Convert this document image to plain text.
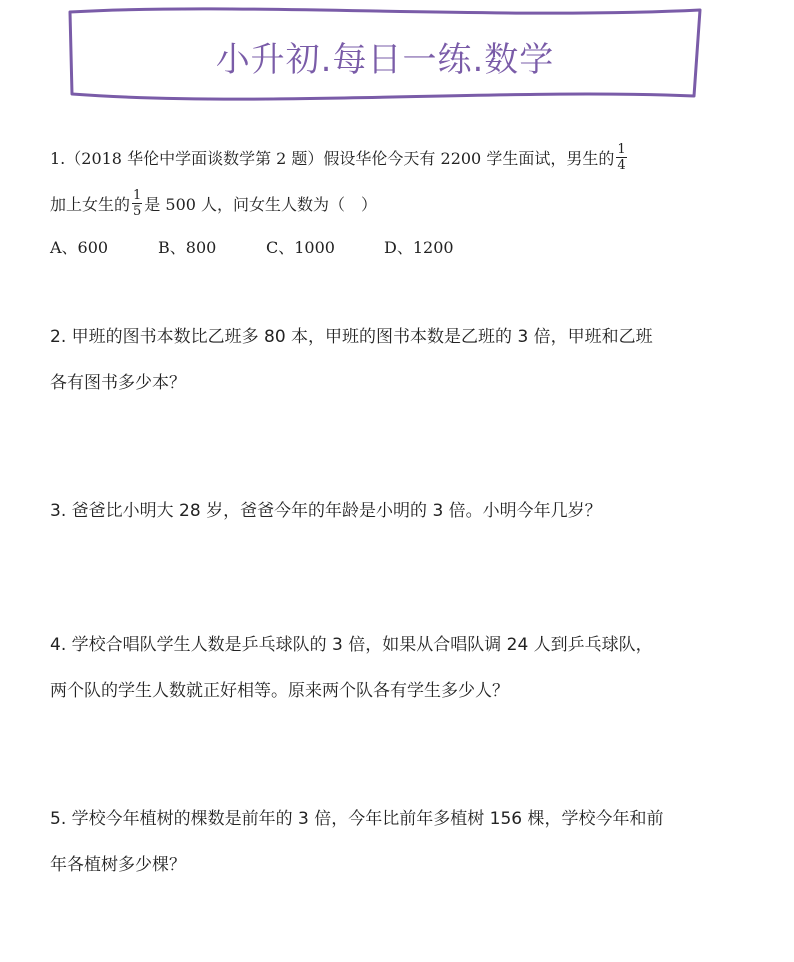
小升初.每日一练.数学
1.（2018 华伦中学面谈数学第 2 题）假设华伦今天有 2200 学生面试，男生的 $\frac{1}{4}$
加上女生的 $\frac{1}{5}$ 是 500 人，问女生人数为（　）
A、600	B、800	C、1000	D、1200
2. 甲班的图书本数比乙班多 80 本，甲班的图书本数是乙班的 3 倍，甲班和乙班
各有图书多少本？
3. 爸爸比小明大 28 岁，爸爸今年的年龄是小明的 3 倍。小明今年几岁？
4. 学校合唱队学生人数是乒乓球队的 3 倍，如果从合唱队调 24 人到乒乓球队，
两个队的学生人数就正好相等。原来两个队各有学生多少人？
5. 学校今年植树的棵数是前年的 3 倍，今年比前年多植树 156 棵，学校今年和前
年各植树多少棵？
